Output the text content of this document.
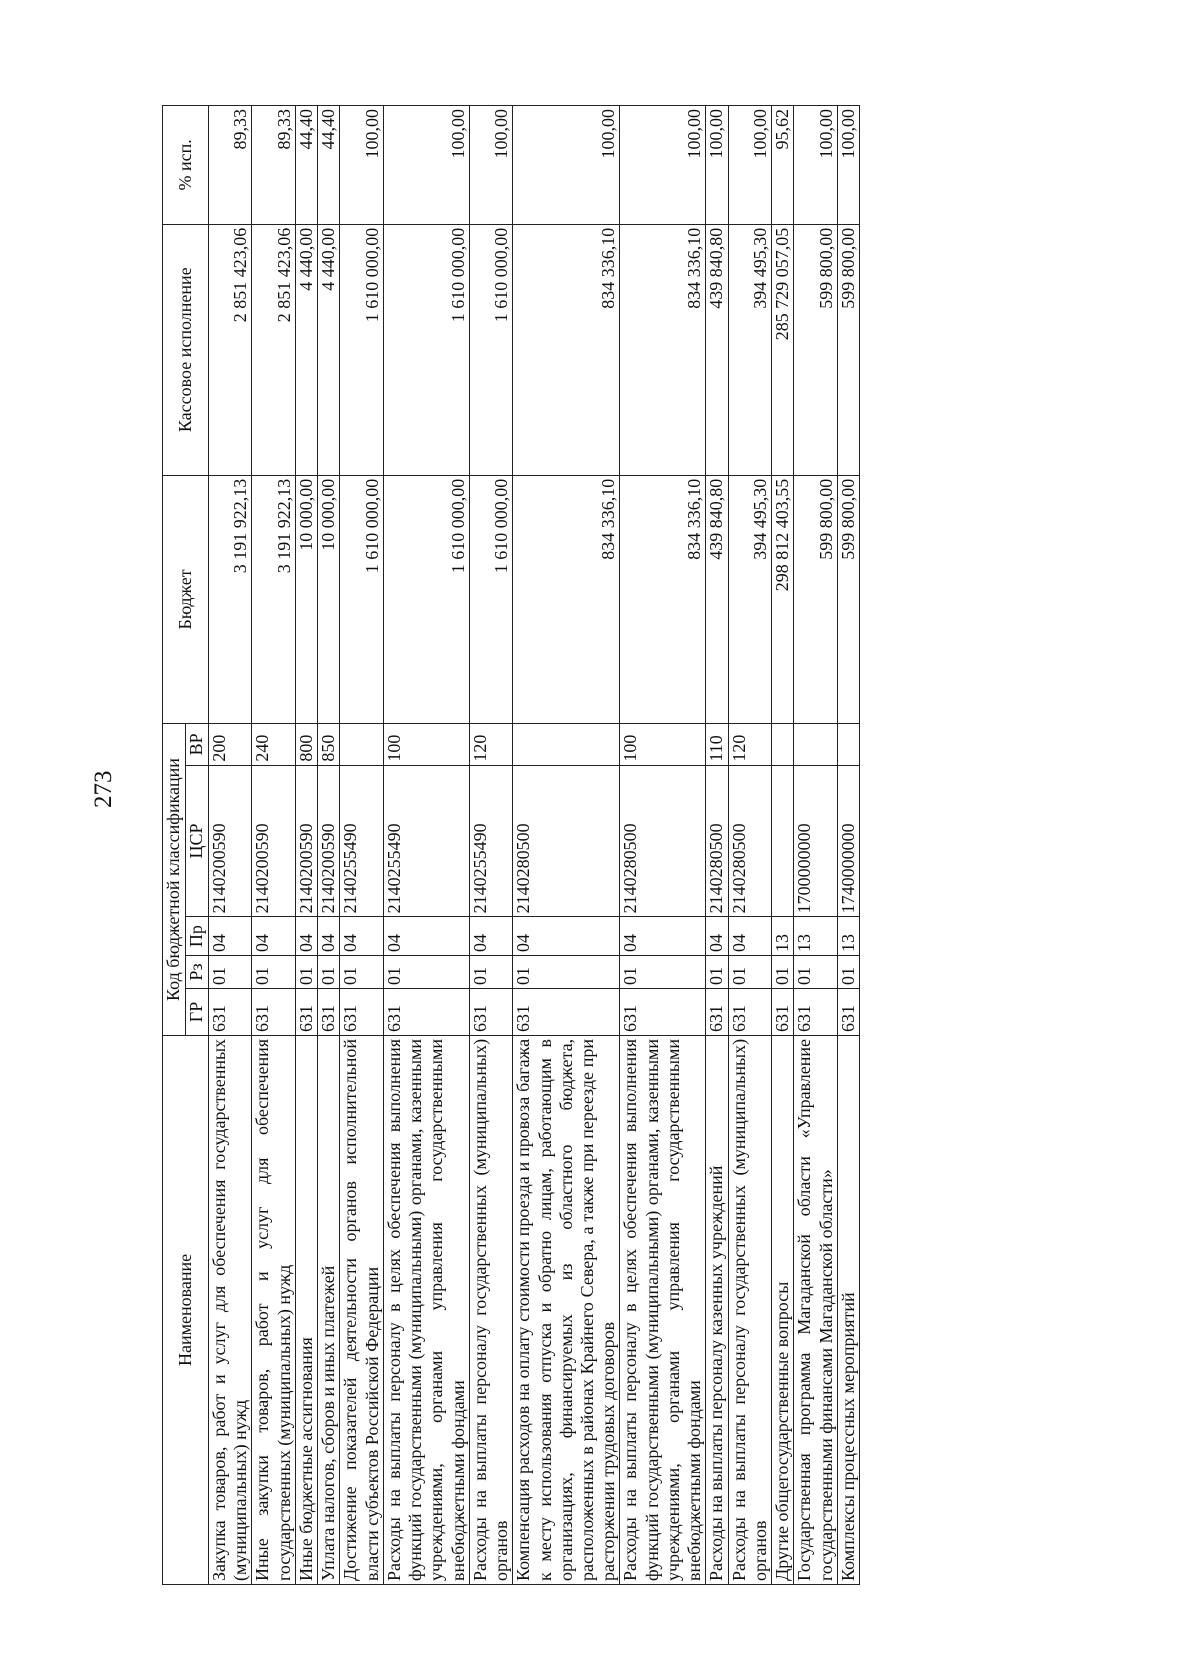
273
Наименование	Код бюджетной классификации					Бюджет	Кассовое исполнение	% исп.
	ГР	Рз	Пр	ЦСР	ВР			
Закупка товаров, работ и услуг для обеспечения государственных (муниципальных) нужд	631	01	04	2140200590	200	3 191 922,13	2 851 423,06	89,33
Иные закупки товаров, работ и услуг для обеспечения государственных (муниципальных) нужд	631	01	04	2140200590	240	3 191 922,13	2 851 423,06	89,33
Иные бюджетные ассигнования	631	01	04	2140200590	800	10 000,00	4 440,00	44,40
Уплата налогов, сборов и иных платежей	631	01	04	2140200590	850	10 000,00	4 440,00	44,40
Достижение показателей деятельности органов исполнительной власти субъектов Российской Федерации	631	01	04	2140255490		1 610 000,00	1 610 000,00	100,00
Расходы на выплаты персоналу в целях обеспечения выполнения функций государственными (муниципальными) органами, казенными учреждениями, органами управления государственными внебюджетными фондами	631	01	04	2140255490	100	1 610 000,00	1 610 000,00	100,00
Расходы на выплаты персоналу государственных (муниципальных) органов	631	01	04	2140255490	120	1 610 000,00	1 610 000,00	100,00
Компенсация расходов на оплату стоимости проезда и провоза багажа к месту использования отпуска и обратно лицам, работающим в организациях, финансируемых из областного бюджета, расположенных в районах Крайнего Севера, а также при переезде при расторжении трудовых договоров	631	01	04	2140280500		834 336,10	834 336,10	100,00
Расходы на выплаты персоналу в целях обеспечения выполнения функций государственными (муниципальными) органами, казенными учреждениями, органами управления государственными внебюджетными фондами	631	01	04	2140280500	100	834 336,10	834 336,10	100,00
Расходы на выплаты персоналу казенных учреждений	631	01	04	2140280500	110	439 840,80	439 840,80	100,00
Расходы на выплаты персоналу государственных (муниципальных) органов	631	01	04	2140280500	120	394 495,30	394 495,30	100,00
Другие общегосударственные вопросы	631	01	13			298 812 403,55	285 729 057,05	95,62
Государственная программа Магаданской области «Управление государственными финансами Магаданской области»	631	01	13	1700000000		599 800,00	599 800,00	100,00
Комплексы процессных мероприятий	631	01	13	1740000000		599 800,00	599 800,00	100,00
